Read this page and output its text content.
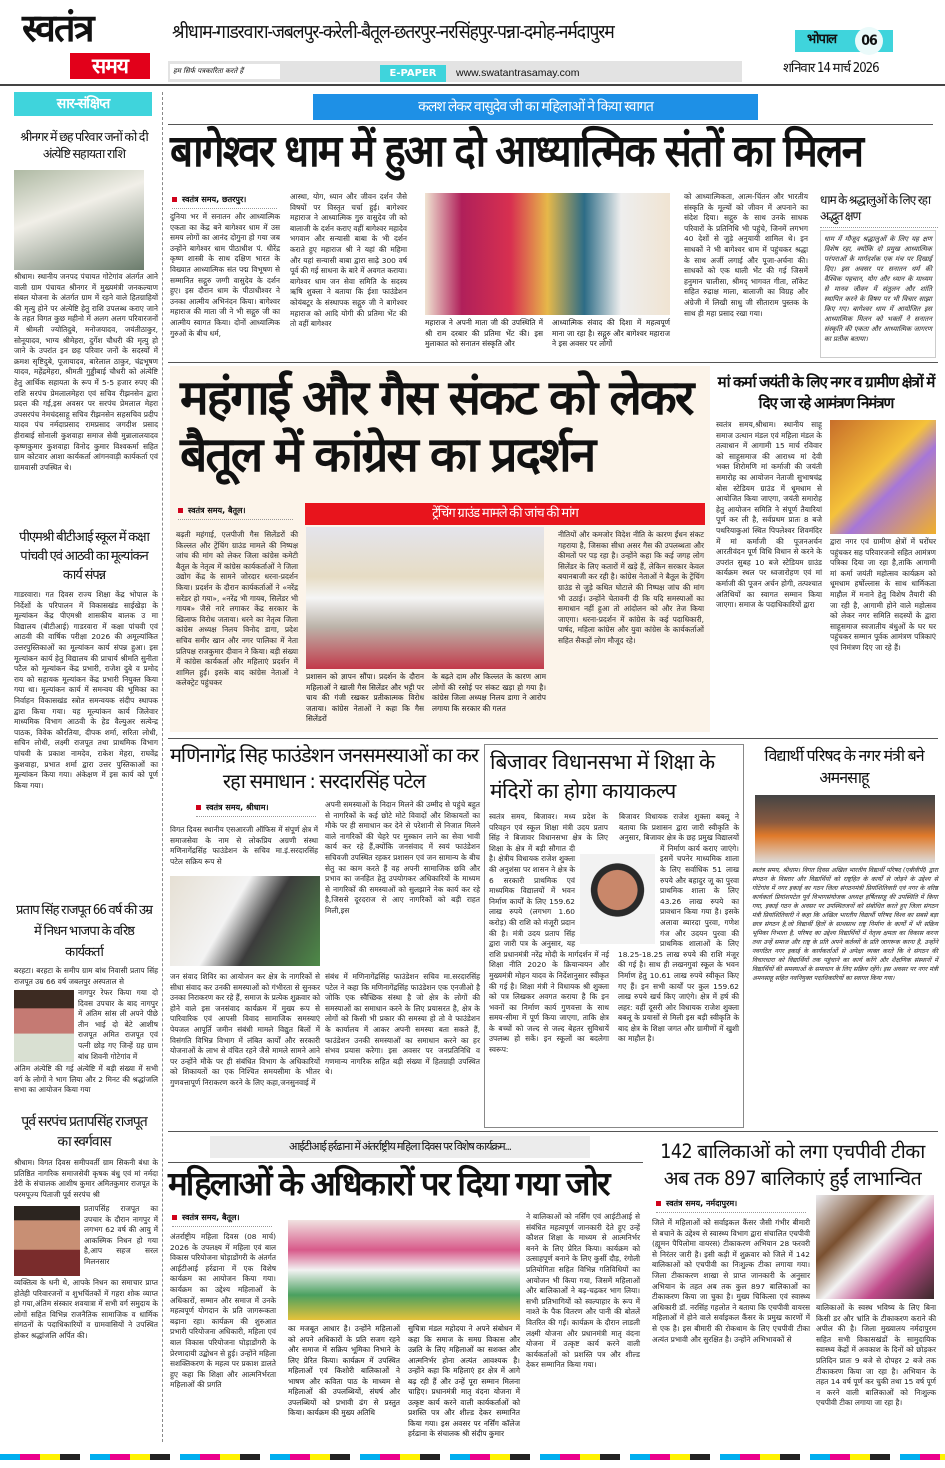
स्वतंत्र
समय
श्रीधाम-गाडरवारा-जबलपुर-करेली-बैतूल-छतरपुर-नरसिंहपुर-पन्ना-दमोह-नर्मदापुरम	भोपाल	06
हम सिर्फ पत्रकारिता करते हैं	E-PAPER	www.swatantrasamay.com	शनिवार 14 मार्च 2026
सार-संक्षिप्त
श्रीनगर में छह परिवार जनों को दी अंत्येष्टि सहायता राशि

श्रीधाम। स्थानीय जनपद पंचायत गोटेगांव अंतर्गत आने वाली ग्राम पंचायत श्रीनगर में मुख्यमंत्री जनकल्याण संबल योजना के अंतर्गत ग्राम में रहने वाले हितग्राहियों की मृत्यु होने पर अंत्येष्टि हेतु राशि उपलब्ध कराए जाने के तहत विगत कुछ महीनो में अलग अलग परिवारजनों में श्रीमती ज्योतिदुबे, मनोजयादव, जयंतीठाकुर, सोनूयादव, भाग्य श्रीमेहरा, दुर्गेश चौधरी की मृत्यु हो जाने के उपरांत इन छह परिवार जनों के सदस्यों में क्रमश सृष्टिदुबे, पूजायादव, बारेलाल ठाकुर, चंद्रभूषण यादव, महेंद्रमेहरा, श्रीमती गुड्डीबाई चौधरी को अंत्येष्टि हेतु आर्थिक सहायता के रूप में 5-5 हजार रुपए की राशि सरपंच प्रेमलालमेहरा एवं सचिव रीझनसेन द्वारा प्रदत्त की गई,इस अवसर पर सरपंच प्रेमलाल मेहरा उपसरपंच नेमचंदसाहू सचिव रीझनसेन सहसचिव प्रदीप यादव पंच नर्मदाप्रसाद रामप्रसाद जगदीश प्रसाद हीराबाई सोनाली कुशवाहा समाज सेवी मुन्नालालयादव कृष्णकुमार कुशवाहा विनोद कुमार विश्वकर्मा सहित ग्राम कोटवार आशा कार्यकर्ता आंगनवाड़ी कार्यकर्ता एवं ग्रामवासी उपस्थित थे।

पीएमश्री बीटीआई स्कूल में कक्षा पांचवी एवं आठवी का मूल्यांकन कार्य संपन्न

गाडरवारा। गत दिवस राज्य शिक्षा केंद्र भोपाल के निर्देशों के परिपालन में विकासखंड साईखेड़ा के मूल्यांकन केंद्र पीएमश्री शासकीय बालक उ मा विद्यालय (बीटीआई) गाडरवारा में कक्षा पांचवी एवं आठवी की वार्षिक परीक्षा 2026 की अमूल्यांकित उत्तरपुस्तिकाओं का मूल्यांकन कार्य संपन्न हुआ। इस मूल्यांकन कार्य हेतु विद्यालय की प्राचार्य श्रीमति सुनीता पटैल को मूल्यांकन केंद्र प्रभारी, राजेश दुबे व प्रमोद राय को सहायक मूल्यांकन केंद्र प्रभारी नियुक्त किया गया था। मूल्यांकन कार्य में समन्वय की भूमिका का निर्वाहन विकासखंड स्त्रोत समन्वयक संदीप स्थापक द्वारा किया गया। यह मूल्यांकन कार्य जिलेवार माध्यमिक विभाग आठवी के हेड वैल्युअर सत्येन्द्र पाठक, विवेक कौरतिया, दीपक शर्मा, सरिता लोधी, सचिन लोधी, लक्ष्मी राजपूत तथा प्राथमिक विभाग पांचवी के प्रकाश नामदेव, राकेश मेहरा, राघवेंद्र कुशवाहा, प्रभात शर्मा द्वारा उत्तर पुस्तिकाओं का मूल्यांकन किया गया। अंकेक्षण में इस कार्य को पूर्ण किया गया।

प्रताप सिंह राजपूत 66 वर्ष की उम्र में निधन भाजपा के वरिष्ठ कार्यकर्ता

बरहटा। बरहटा के समीप ग्राम बांध निवासी प्रताप सिंह राजपूत उम्र 66 वर्ष जबलपुर अस्पताल से

नागपुर रेफर किया गया दो दिवस उपचार के बाद नागपुर में अंतिम सांस ली अपने पीछे तीन भाई दो बेटे आशीष राजपूत अमित राजपूत एवं पत्नी छोड़ गए जिन्हें ग्रह ग्राम बांध शिवनी गोटेगांव में

अंतिम अंत्येष्टि की गई अंत्येष्टि में बड़ी संख्या में सभी वर्ग के लोगों ने भाग लिया और 2 मिनट की श्रद्धांजलि सभा का आयोजन किया गया

पूर्व सरपंच प्रतापसिंह राजपूत का स्वर्गवास

श्रीधाम। विगत दिवस समीपवर्ती ग्राम सिकनी बंधा के प्रतिष्ठित नागरिक समाजसेवी कृषक बंधु एवं मां नर्मदा डेरी के संचालक आशीष कुमार अमितकुमार राजपूत के परमपूज्य पिताजी पूर्व सरपंच श्री

प्रतापसिंह राजपूत का उपचार के दौरान नागपुर में लगभग 62 वर्ष की आयु में आकस्मिक निधन हो गया है,आप सहज सरल मिलनसार

व्यक्तित्व के धनी थे, आपके निधन का समाचार प्राप्त होतेही परिवारजनों व शुभचिंतकों में गहरा शोक व्याप्त हो गया,अंतिम संस्कार शवयात्रा में सभी वर्ग समुदाय के लोगों सहित विभिन्न राजनैतिक सामाजिक व धार्मिक संगठनों के पदाधिकारियों व ग्रामवासियों ने उपस्थित होकर श्रद्धांजलि अर्पित की।

कलश लेकर वासुदेव जी का महिलाओं ने किया स्वागत
बागेश्वर धाम में हुआ दो आध्यात्मिक संतों का मिलन
स्वतंत्र समय, छतरपुर।

दुनिया भर में सनातन और आध्यात्मिक एकता का केंद्र बने बागेश्वर धाम में उस समय लोगों का आनंद दोगुना हो गया जब उन्होंने बागेश्वर धाम पीठाधीश पं. धीरेंद्र कृष्ण शास्त्री के साथ दक्षिण भारत के विख्यात आध्यात्मिक संत पद्म विभूषण से सम्मानित सद्गुरु जग्गी वासुदेव के दर्शन हुए। इस दौरान धाम के पीठाधीश्वर ने उनका आत्मीय अभिनंदन किया। बागेश्वर महाराज की माता जी ने भी सद्गुरु जी का आत्मीय स्वागत किया। दोनों आध्यात्मिक गुरुओं के बीच धर्म,

आस्था, योग, ध्यान और जीवन दर्शन जैसे विषयों पर विस्तृत चर्चा हुई। बागेश्वर महाराज ने आध्यात्मिक गुरु वासुदेव जी को बालाजी के दर्शन कराए वहीं बागेश्वर महादेव भगवान और सन्यासी बाबा के भी दर्शन कराते हुए महाराज श्री ने यहां की महिमा और यहां सन्यासी बाबा द्वारा साढ़े 300 वर्ष पूर्व की गई साधना के बारे में अवगत कराया। बागेश्वर धाम जन सेवा समिति के सदस्य ऋषि शुक्ला ने बताया कि ईशा फाउंडेशन कोयंबटूर के संस्थापक सद्गुरु जी ने बागेश्वर महाराज को आदि योगी की प्रतिमा भेंट की तो वहीं बागेश्वर	महाराज ने अपनी माता जी की उपस्थिति में श्री राम दरबार की प्रतिमा भेंट की। इस मुलाकात को सनातन संस्कृति और

आध्यात्मिक संवाद की दिशा में महत्वपूर्ण माना जा रहा है। सद्गुरु और बागेश्वर महाराज ने इस अवसर पर लोगों

को आध्यात्मिकता, आत्म-चिंतन और भारतीय संस्कृति के मूल्यों को जीवन में अपनाने का संदेश दिया। सद्गुरु के साथ उनके साधक परिवारों के प्रतिनिधि भी पहुंचे, जिनमें लगभग 40 देशों से जुड़े अनुयायी शामिल थे। इन साधकों ने भी बागेश्वर धाम में पहुंचकर श्रद्धा के साथ अर्जी लगाई और पूजा-अर्चना की। साधकों को एक थाली भेंट की गई जिसमें हनुमान चालीसा, श्रीमद् भागवत गीता, लॉकेट सहित रुद्राक्ष माला, बालाजी का विग्रह और अंग्रेजी में लिखी साधु जी सीताराम पुस्तक के साथ ही महा प्रसाद रखा गया।

धाम के श्रद्धालुओं के लिए रहा अद्भुत क्षण

धाम में मौजूद श्रद्धालुओं के लिए यह क्षण विशेष रहा, क्योंकि दो प्रमुख आध्यात्मिक परंपराओं के मार्गदर्शक एक मंच पर दिखाई दिए। इस अवसर पर सनातन धर्म की वैश्विक पहचान, योग और ध्यान के माध्यम से मानव जीवन में संतुलन और शांति स्थापित करने के विषय पर भी विचार साझा किए गए। बागेश्वर धाम में आयोजित इस आध्यात्मिक मिलन को भक्तों ने सनातन संस्कृति की एकता और आध्यात्मिक जागरण का प्रतीक बताया।

महंगाई और गैस संकट को लेकर बैतूल में कांग्रेस का प्रदर्शन
स्वतंत्र समय, बैतूल।	ट्रेंचिंग ग्राउंड मामले की जांच की मांग

बढ़ती महंगाई, एलपीजी गैस सिलेंडरों की किल्लत और ट्रेंचिंग ग्राउंड मामले की निष्पक्ष जांच की मांग को लेकर जिला कांग्रेस कमेटी बैतूल के नेतृत्व में कांग्रेस कार्यकर्ताओं ने जिला उद्योग केंद्र के सामने जोरदार धरना-प्रदर्शन किया। प्रदर्शन के दौरान कार्यकर्ताओं ने «नरेंद्र सरेंडर हो गया», «नरेंद्र भी गायब, सिलेंडर भी गायब» जैसे नारे लगाकर केंद्र सरकार के खिलाफ विरोध जताया। धरने का नेतृत्व जिला कांग्रेस अध्यक्ष निलय विनोद डागा, प्रदेश सचिव समीर खान और नगर पालिका में नेता प्रतिपक्ष राजकुमार दीवान ने किया। बड़ी संख्या में कांग्रेस कार्यकर्ता और महिलाएं प्रदर्शन में शामिल हुईं। इसके बाद कांग्रेस नेताओं ने कलेक्ट्रेट पहुंचकर

प्रशासन को ज्ञापन सौंपा। प्रदर्शन के दौरान महिलाओं ने खाली गैस सिलेंडर और भट्टी पर चाय की गंजी रखकर प्रतीकात्मक विरोध जताया। कांग्रेस नेताओं ने कहा कि गैस सिलेंडरों

के बढ़ते दाम और किल्लत के कारण आम लोगों की रसोई पर संकट खड़ा हो गया है। कांग्रेस जिला अध्यक्ष निलय डागा ने आरोप लगाया कि सरकार की गलत

नीतियों और कमजोर विदेश नीति के कारण ईंधन संकट गहराया है, जिसका सीधा असर गैस की उपलब्धता और कीमतों पर पड़ रहा है। उन्होंने कहा कि कई जगह लोग सिलेंडर के लिए कतारों में खड़े हैं, लेकिन सरकार केवल बयानबाजी कर रही है। कांग्रेस नेताओं ने बैतूल के ट्रेंचिंग ग्राउंड से जुड़े कथित घोटाले की निष्पक्ष जांच की मांग भी उठाई। उन्होंने चेतावनी दी कि यदि समस्याओं का समाधान नहीं हुआ तो आंदोलन को और तेज किया जाएगा। धरना-प्रदर्शन में कांग्रेस के कई पदाधिकारी, पार्षद, महिला कांग्रेस और युवा कांग्रेस के कार्यकर्ताओं सहित सैकड़ों लोग मौजूद रहे।

मां कर्मा जयंती के लिए नगर व ग्रामीण क्षेत्रों में दिए जा रहे आमंत्रण निमंत्रण

स्वतंत्र समय,श्रीधाम। स्थानीय साहू समाज उत्थान मंडल एवं महिला मंडल के तत्वाधान में आगामी 15 मार्च रविवार को साहूसमाज की आराध्य मां देवी भक्त शिरोमणि मां कर्माजी की जयंती समारोह का आयोजन नेताजी सुभाषचंद्र बोस स्टेडियम ग्राउंड में धूमधाम से आयोजित किया जाएगा, जयंती समारोह हेतु आयोजन समिति ने संपूर्ण तैयारियां पूर्ण कर ली है, सर्वप्रथम प्रातः 8 बजे पथरियाकुआं स्थित पिपलेश्वर शिवमंदिर में मां कर्माजी की पूजनअर्चन आरतीवंदन पूर्ण विधि विधान से करने के उपरांत सुबह 10 बजे स्टेडियम ग्राउंड कार्यक्रम स्थल पर ध्वजारोहण एवं मां कर्माजी की पूजन अर्चन होगी, तत्पश्चात अतिथियों का स्वागत सम्मान किया जाएगा। समाज के पदाधिकारियों द्वारा

द्वारा नगर एवं ग्रामीण क्षेत्रों में घरोंघर पहुंचकर सह परिवारजनो सहित आमंत्रण पत्रिका दिया जा रहा है,ताकि आगामी मां कर्मा जयंती महोत्सव कार्यक्रम को धूमधाम हर्षोल्लास के साथ धार्मिकता माहौल में मनाने हेतु विशेष तैयारी की जा रही है, आगामी होने वाले महोत्सव को लेकर नगर समिति सदस्यों के द्वारा साहूसमाज स्वजातीय बंधुओं के घर घर पहुंचकर सम्मान पूर्वक आमंत्रण पत्रिकाएं एवं निमंत्रण दिए जा रहे हैं।

मणिनागेंद्र सिह फाउंडेशन जनसमस्याओं का कर रहा समाधान : सरदारसिंह पटेल
स्वतंत्र समय, श्रीधाम।

विगत दिवस स्थानीय एसआरजी ऑफिस में संपूर्ण क्षेत्र में समाजसेवा के नाम से लोकप्रिय अग्रणी संस्था मणिनागेंद्रसिंह फाउंडेशन के सचिव मा.इं.सरदारसिंह पटेल सक्रिय रूप से

अपनी समस्याओं के निदान मिलने की उम्मीद से पहुंचे बहुत से नागरिकों के कई छोटे मोटे विवादों और शिकायतों का मौके पर ही समाधान कर देने से परेशानी से निजात मिलने वाले नागरिकों की चेहरे पर मुस्कान लाने का सेवा भावी कार्य कर रहे हैं,क्योंकि जनसंवाद में स्वयं फाउंडेशन सचिवजी उपस्थित रहकर प्रशासन एवं जन सामान्य के बीच सेतु का काम करते हैं वह अपनी सामाजिक छवि और प्रभाव का जनहित हेतु उपयोगकर अधिकारियों के माध्यम से नागरिकों की समस्याओं को सुलझाने नेक कार्य कर रहे है,जिससे दूरदराज से आए नागरिकों को बड़ी राहत मिली,इस

जन संवाद शिविर का आयोजन कर क्षेत्र के नागरिकों से सीधा संवाद कर उनकी समस्याओं को गंभीरता से सुनकर उनका निराकरण कर रहे हैं, समाज के प्रत्येक शुक्रवार को होने वाले इस जनसंवाद कार्यक्रम में मुख्य रूप से पारिवारिक एवं आपसी विवाद सामाजिक समस्याएं पेयजल आपूर्ति जमीन संबंधी मामले विद्युत बिलों में विसंगति विभिन्न विभाग में लंबित कार्यों और सरकारी योजनाओं के लाभ से वंचित रहने जैसे मामले सामने आने पर उन्होंने मौके पर ही संबंधित विभाग के अधिकारियों को शिकायतों का एक निश्चित समयसीमा के भीतर गुणवत्तापूर्ण निराकरण करने के लिए कहा,जनसुनवाई में

संबंध में मणिनागेंद्रसिंह फाउंडेशन सचिव मा.सरदारसिंह पटेल ने कहा कि मणिनागेंद्रसिंह फाउंडेशन एक एनजीओ है जोकि एक स्वैच्छिक संस्था है जो क्षेत्र के लोगों की समस्याओं का समाधान करने के लिए प्रयासरत है, क्षेत्र के लोगों को किसी भी प्रकार की समस्या हो तो वे फाउंडेशन के कार्यालय में आकर अपनी समस्या बता सकते हैं, फाउंडेशन उनकी समस्याओं का समाधान करने का हर संभव प्रयास करेगा। इस अवसर पर जनप्रतिनिधि व गणमान्य नागरिक सहित बड़ी संख्या में हितग्राही उपस्थित थे।

बिजावर विधानसभा में शिक्षा के मंदिरों का होगा कायाकल्प

स्वतंत्र समय, बिजावर। मध्य प्रदेश के परिवहन एवं स्कूल शिक्षा मंत्री उदय प्रताप सिंह ने बिजावर विधानसभा क्षेत्र के लिए शिक्षा के क्षेत्र में बड़ी सौगात दी है। क्षेत्रीय विधायक राजेश शुक्ला की अनुशंसा पर शासन ने क्षेत्र के 6 सरकारी प्राथमिक एवं माध्यमिक विद्यालयों में भवन निर्माण कार्यों के लिए 159.62 लाख रुपये (लगभग 1.60 करोड़) की राशि को मंजूरी प्रदान की है। मंत्री उदय प्रताप सिंह द्वारा जारी पत्र के अनुसार, यह राशि प्रधानमंत्री नरेंद्र मोदी के मार्गदर्शन में नई शिक्षा नीति 2020 के क्रियान्वयन और मुख्यमंत्री मोहन यादव के निर्देशानुसार स्वीकृत की गई है। शिक्षा मंत्री ने विधायक श्री शुक्ला को पत्र लिखकर अवगत कराया है कि इन भवनों का निर्माण कार्य गुणवत्ता के साथ समय-सीमा में पूर्ण किया जाएगा, ताकि क्षेत्र के बच्चों को जल्द से जल्द बेहतर सुविधायें उपलब्ध हो सकें। इन स्कूलों का बदलेगा स्वरूप:

बिजावर विधायक राजेश शुक्ला बबलू ने बताया कि प्रशासन द्वारा जारी स्वीकृति के अनुसार, बिजावर क्षेत्र के छह प्रमुख विद्यालयों में निर्माण कार्य कराए जाएंगे। इसमें चपनेर माध्यमिक शाला के लिए सर्वाधिक 51 लाख रुपये और बहादुर जू का पुरवा प्राथमिक शाला के लिए 43.26 लाख रुपये का प्रावधान किया गया है। इसके अलावा ब्यारदा पुरवा, गणेश गंज और उदयन पुरवा की प्राथमिक शालाओं के लिए 18.25-18.25 लाख रुपये की राशि मंजूर की गई है। साथ ही लखनगुवां स्कूल के भवन निर्माण हेतु 10.61 लाख रुपये स्वीकृत किए गए हैं। इन सभी कार्यों पर कुल 159.62 लाख रुपये खर्च किए जाएंगे। क्षेत्र में हर्ष की लहर: वहीं दूसरी ओर विधायक राजेश शुक्ला बबलू के प्रयासों से मिली इस बड़ी स्वीकृति के बाद क्षेत्र के शिक्षा जगत और ग्रामीणों में खुशी का माहौल है।

विद्यार्थी परिषद के नगर मंत्री बने अमनसाहू

स्वतंत्र समय, श्रीधाम। विगत दिवस अखिल भारतीय विद्यार्थी परिषद (एबीवीपी) द्वारा संगठन के विस्तार और विद्यार्थियों को राष्ट्रहित के कार्यों से जोड़ने के उद्देश्य से गोटेगांव में नगर इकाई का गठन जिला संगठनमंत्री प्रियांशितिवारी एवं नगर के वरिष्ठ कार्यकर्ता प्रियांशपटेल पूर्व विभागसंयोजक अध्यक्ष हर्षितसाहू की उपस्थिति में किया गया, इकाई गठन के अवसर पर उपस्थितजनों को संबोधित करते हुए जिला संगठन मंत्री प्रियांशितिवारी ने कहा कि अखिल भारतीय विद्यार्थी परिषद विश्व का सबसे बड़ा छात्र संगठन है,जो विद्यार्थी हितों के साथसाथ राष्ट्र निर्माण के कार्यों में भी सक्रिय भूमिका निभाता है, परिषद का उद्देश्य विद्यार्थियों में नेतृत्व क्षमता का विकास करना तथा उन्हें समाज और राष्ट्र के प्रति अपने कर्तव्यों के प्रति जागरूक करना है, उन्होंने नवगठित नगर इकाई के कार्यकर्ताओं से अपेक्षा व्यक्त करते कि वे संगठन की विचारधारा को विद्यार्थियों तक पहुंचाने का कार्य करेंगे और शैक्षणिक संस्थानों में विद्यार्थियों की समस्याओं के समाधान के लिए सक्रिय रहेंगे। इस अवसर पर नगर मंत्री अमनसाहू सहित नवनियुक्त पदाधिकारियों का स्वागत किया गया।

आईटीआई हर्रढाना में अंतर्राष्ट्रीय महिला दिवस पर विशेष कार्यक्रम...
महिलाओं के अधिकारों पर दिया गया जोर
स्वतंत्र समय, बैतूल।

अंतर्राष्ट्रीय महिला दिवस (08 मार्च) 2026 के उपलक्ष्य में महिला एवं बाल विकास परियोजना घोड़ाडोंगरी के अंतर्गत आईटीआई हर्रढाना में एक विशेष कार्यक्रम का आयोजन किया गया। कार्यक्रम का उद्देश्य महिलाओं के अधिकारों, सम्मान और समाज में उनके महत्वपूर्ण योगदान के प्रति जागरूकता बढ़ाना रहा। कार्यक्रम की शुरुआत प्रभारी परियोजना अधिकारी, महिला एवं बाल विकास परियोजना घोड़ाडोंगरी के प्रेरणादायी उद्बोधन से हुई। उन्होंने महिला सशक्तिकरण के महत्व पर प्रकाश डालते हुए कहा कि शिक्षा और आत्मनिर्भरता महिलाओं की प्रगति

का मजबूत आधार है। उन्होंने महिलाओं को अपने अधिकारों के प्रति सजग रहने और समाज में सक्रिय भूमिका निभाने के लिए प्रेरित किया। कार्यक्रम में उपस्थित महिलाओं एवं किशोरी बालिकाओं ने भाषण और कविता पाठ के माध्यम से महिलाओं की उपलब्धियों, संघर्ष और उपलब्धियों को प्रभावी ढंग से प्रस्तुत किया। कार्यक्रम की मुख्य अतिथि

सुचित्रा मंडल महोदया ने अपने संबोधन में कहा कि समाज के समग्र विकास और उन्नति के लिए महिलाओं का सशक्त और आत्मनिर्भर होना अत्यंत आवश्यक है। उन्होंने कहा कि महिलाएं हर क्षेत्र में आगे बढ़ रही हैं और उन्हें पूरा सम्मान मिलना चाहिए। प्रधानमंत्री मातृ वंदना योजना में उत्कृष्ट कार्य करने वाली कार्यकर्ताओं को प्रशस्ति पत्र और शील्ड देकर सम्मानित किया गया। इस अवसर पर नर्सिंग कॉलेज हर्रढाना के संचालक श्री संदीप कुमार

ने बालिकाओं को नर्सिंग एवं आईटीआई से संबंधित महत्वपूर्ण जानकारी देते हुए उन्हें कौशल शिक्षा के माध्यम से आत्मनिर्भर बनने के लिए प्रेरित किया। कार्यक्रम को उत्साहपूर्ण बनाने के लिए कुर्सी दौड़, रंगोली प्रतियोगिता सहित विभिन्न गतिविधियों का आयोजन भी किया गया, जिसमें महिलाओं और बालिकाओं ने बढ़-चढ़कर भाग लिया। सभी प्रतिभागियों को स्वल्पाहार के रूप में नाश्ते के पैक वितरण और पानी की बोतलें वितरित की गईं। कार्यक्रम के दौरान लाडली लक्ष्मी योजना और प्रधानमंत्री मातृ वंदना योजना में उत्कृष्ट कार्य करने वाली कार्यकर्ताओं को प्रशस्ति पत्र और शील्ड देकर सम्मानित किया गया।

142 बालिकाओं को लगा एचपीवी टीका अब तक 897 बालिकाएं हुईं लाभान्वित
स्वतंत्र समय, नर्मदापुरम।

जिले में महिलाओं को सर्वाइकल कैंसर जैसी गंभीर बीमारी से बचाने के उद्देश्य से स्वास्थ्य विभाग द्वारा संचालित एचपीवी (ह्यूमन पैपिलोमा वायरस) टीकाकरण अभियान 28 फरवरी से निरंतर जारी है। इसी कड़ी में शुक्रवार को जिले में 142 बालिकाओं को एचपीवी का निःशुल्क टीका लगाया गया। जिला टीकाकरण शाखा से प्राप्त जानकारी के अनुसार अभियान के तहत अब तक कुल 897 बालिकाओं का टीकाकरण किया जा चुका है। मुख्य चिकित्सा एवं स्वास्थ्य अधिकारी डॉ. नरसिंह गहलोत ने बताया कि एचपीवी वायरस महिलाओं में होने वाले सर्वाइकल कैंसर के प्रमुख कारणों में से एक है। इस बीमारी की रोकथाम के लिए एचपीवी टीका अत्यंत प्रभावी और सुरक्षित है। उन्होंने अभिभावकों से

बालिकाओं के स्वस्थ भविष्य के लिए बिना किसी डर और भ्रांति के टीकाकरण कराने की अपील की है। जिला मुख्यालय नर्मदापुरम सहित सभी विकासखंडों के सामुदायिक स्वास्थ्य केंद्रों में अवकाश के दिनों को छोड़कर प्रतिदिन प्रातः 9 बजे से दोपहर 2 बजे तक टीकाकरण किया जा रहा है। अभियान के तहत 14 वर्ष पूर्ण कर चुकी तथा 15 वर्ष पूर्ण न करने वाली बालिकाओं को निःशुल्क एचपीवी टीका लगाया जा रहा है।
